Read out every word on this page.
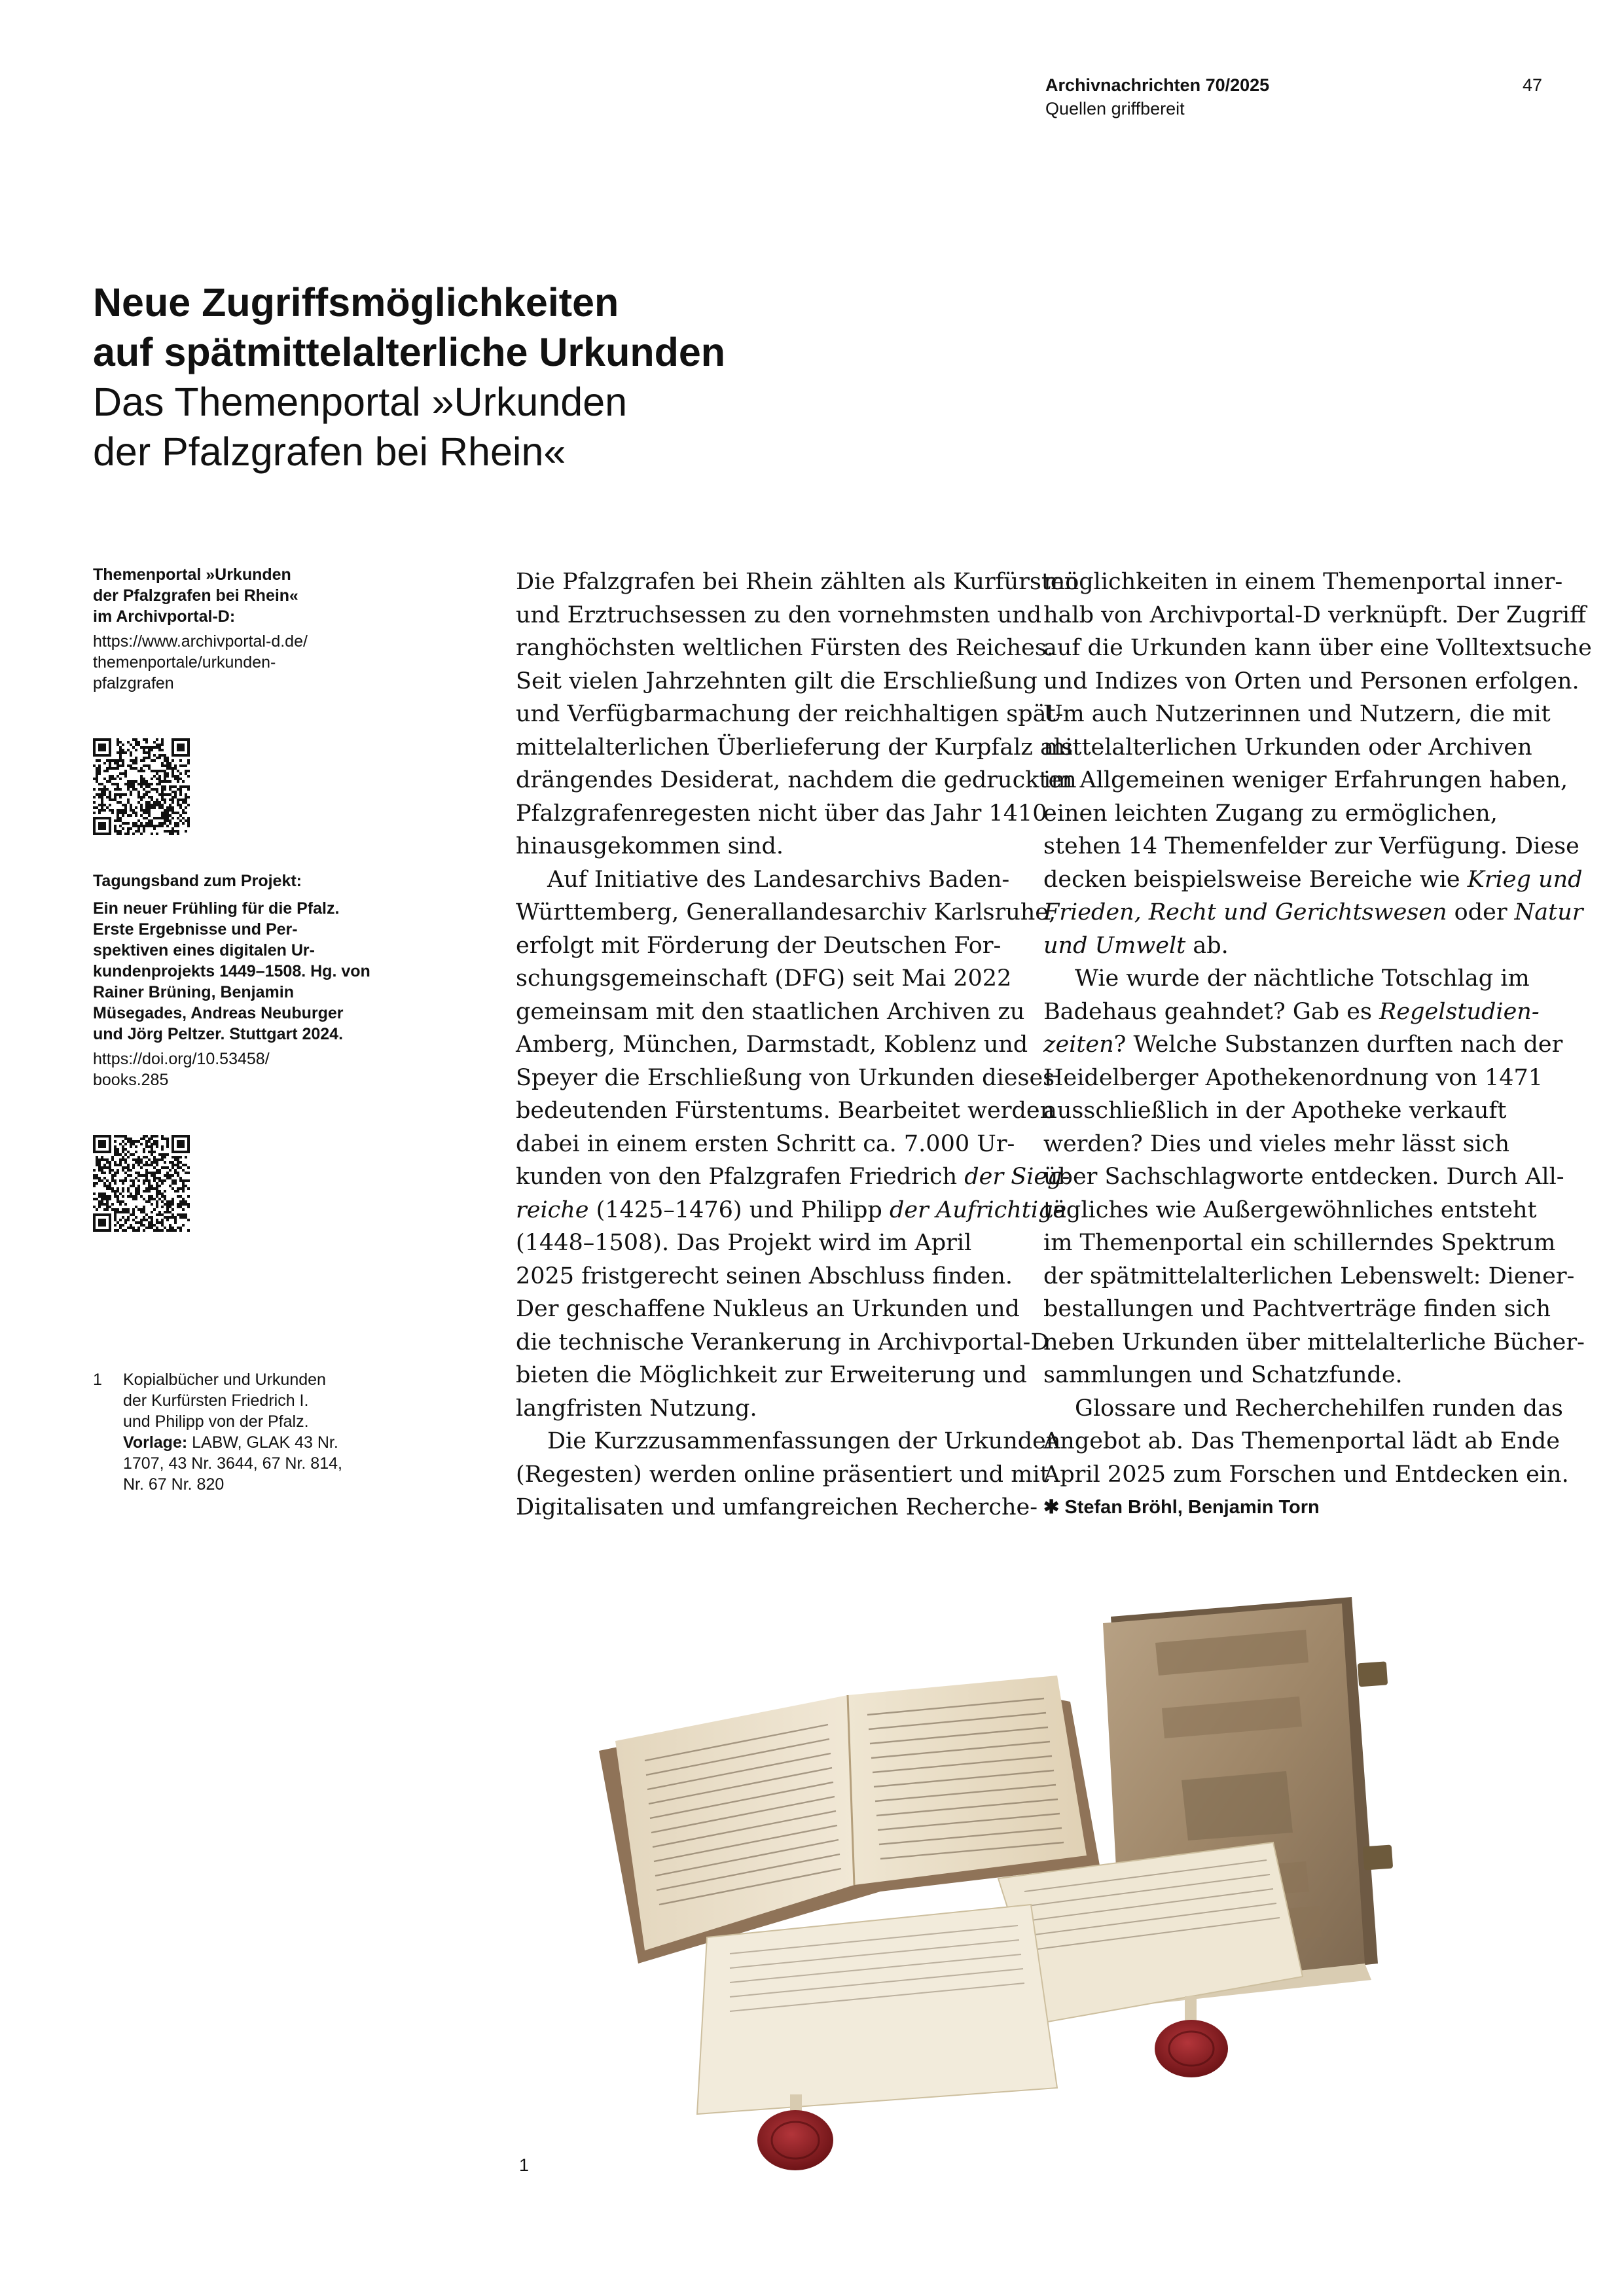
Archivnachrichten 70/2025
Quellen griffbereit
47
Neue Zugriffsmöglichkeiten
auf spätmittelalterliche Urkunden
Das Themenportal »Urkunden
der Pfalzgrafen bei Rhein«
Themenportal »Urkunden
der Pfalzgrafen bei Rhein«
im Archivportal-D:
https://www.archivportal-d.de/
themenportale/urkunden-
pfalzgrafen
Tagungsband zum Projekt:
Ein neuer Frühling für die Pfalz.
Erste Ergebnisse und Per-
spektiven eines digitalen Ur-
kundenprojekts 1449–1508. Hg. von
Rainer Brüning, Benjamin
Müsegades, Andreas Neuburger
und Jörg Peltzer. Stuttgart 2024.
https://doi.org/10.53458/
books.285
1 Kopialbücher und Urkunden
der Kurfürsten Friedrich I.
und Philipp von der Pfalz.
Vorlage: LABW, GLAK 43 Nr.
1707, 43 Nr. 3644, 67 Nr. 814,
Nr. 67 Nr. 820
Die Pfalzgrafen bei Rhein zählten als Kurfürsten
und Erztruchsessen zu den vornehmsten und
ranghöchsten weltlichen Fürsten des Reiches.
Seit vielen Jahrzehnten gilt die Erschließung
und Verfügbarmachung der reichhaltigen spät-
mittelalterlichen Überlieferung der Kurpfalz als
drängendes Desiderat, nachdem die gedruckten
Pfalzgrafenregesten nicht über das Jahr 1410
hinausgekommen sind.
Auf Initiative des Landesarchivs Baden-
Württemberg, Generallandesarchiv Karlsruhe,
erfolgt mit Förderung der Deutschen For-
schungsgemeinschaft (DFG) seit Mai 2022
gemeinsam mit den staatlichen Archiven zu
Amberg, München, Darmstadt, Koblenz und
Speyer die Erschließung von Urkunden dieses
bedeutenden Fürstentums. Bearbeitet werden
dabei in einem ersten Schritt ca. 7.000 Ur-
kunden von den Pfalzgrafen Friedrich der Sieg-
reiche (1425–1476) und Philipp der Aufrichtige
(1448–1508). Das Projekt wird im April
2025 fristgerecht seinen Abschluss finden.
Der geschaffene Nukleus an Urkunden und
die technische Verankerung in Archivportal-D
bieten die Möglichkeit zur Erweiterung und
langfristen Nutzung.
Die Kurzzusammenfassungen der Urkunden
(Regesten) werden online präsentiert und mit
Digitalisaten und umfangreichen Recherche-
möglichkeiten in einem Themenportal inner-
halb von Archivportal-D verknüpft. Der Zugriff
auf die Urkunden kann über eine Volltextsuche
und Indizes von Orten und Personen erfolgen.
Um auch Nutzerinnen und Nutzern, die mit
mittelalterlichen Urkunden oder Archiven
im Allgemeinen weniger Erfahrungen haben,
einen leichten Zugang zu ermöglichen,
stehen 14 Themenfelder zur Verfügung. Diese
decken beispielsweise Bereiche wie Krieg und
Frieden, Recht und Gerichtswesen oder Natur
und Umwelt ab.
Wie wurde der nächtliche Totschlag im
Badehaus geahndet? Gab es Regelstudien-
zeiten? Welche Substanzen durften nach der
Heidelberger Apothekenordnung von 1471
ausschließlich in der Apotheke verkauft
werden? Dies und vieles mehr lässt sich
über Sachschlagworte entdecken. Durch All-
tägliches wie Außergewöhnliches entsteht
im Themenportal ein schillerndes Spektrum
der spätmittelalterlichen Lebenswelt: Diener-
bestallungen und Pachtverträge finden sich
neben Urkunden über mittelalterliche Bücher-
sammlungen und Schatzfunde.
Glossare und Recherchehilfen runden das
Angebot ab. Das Themenportal lädt ab Ende
April 2025 zum Forschen und Entdecken ein.
✱ Stefan Bröhl, Benjamin Torn
1
